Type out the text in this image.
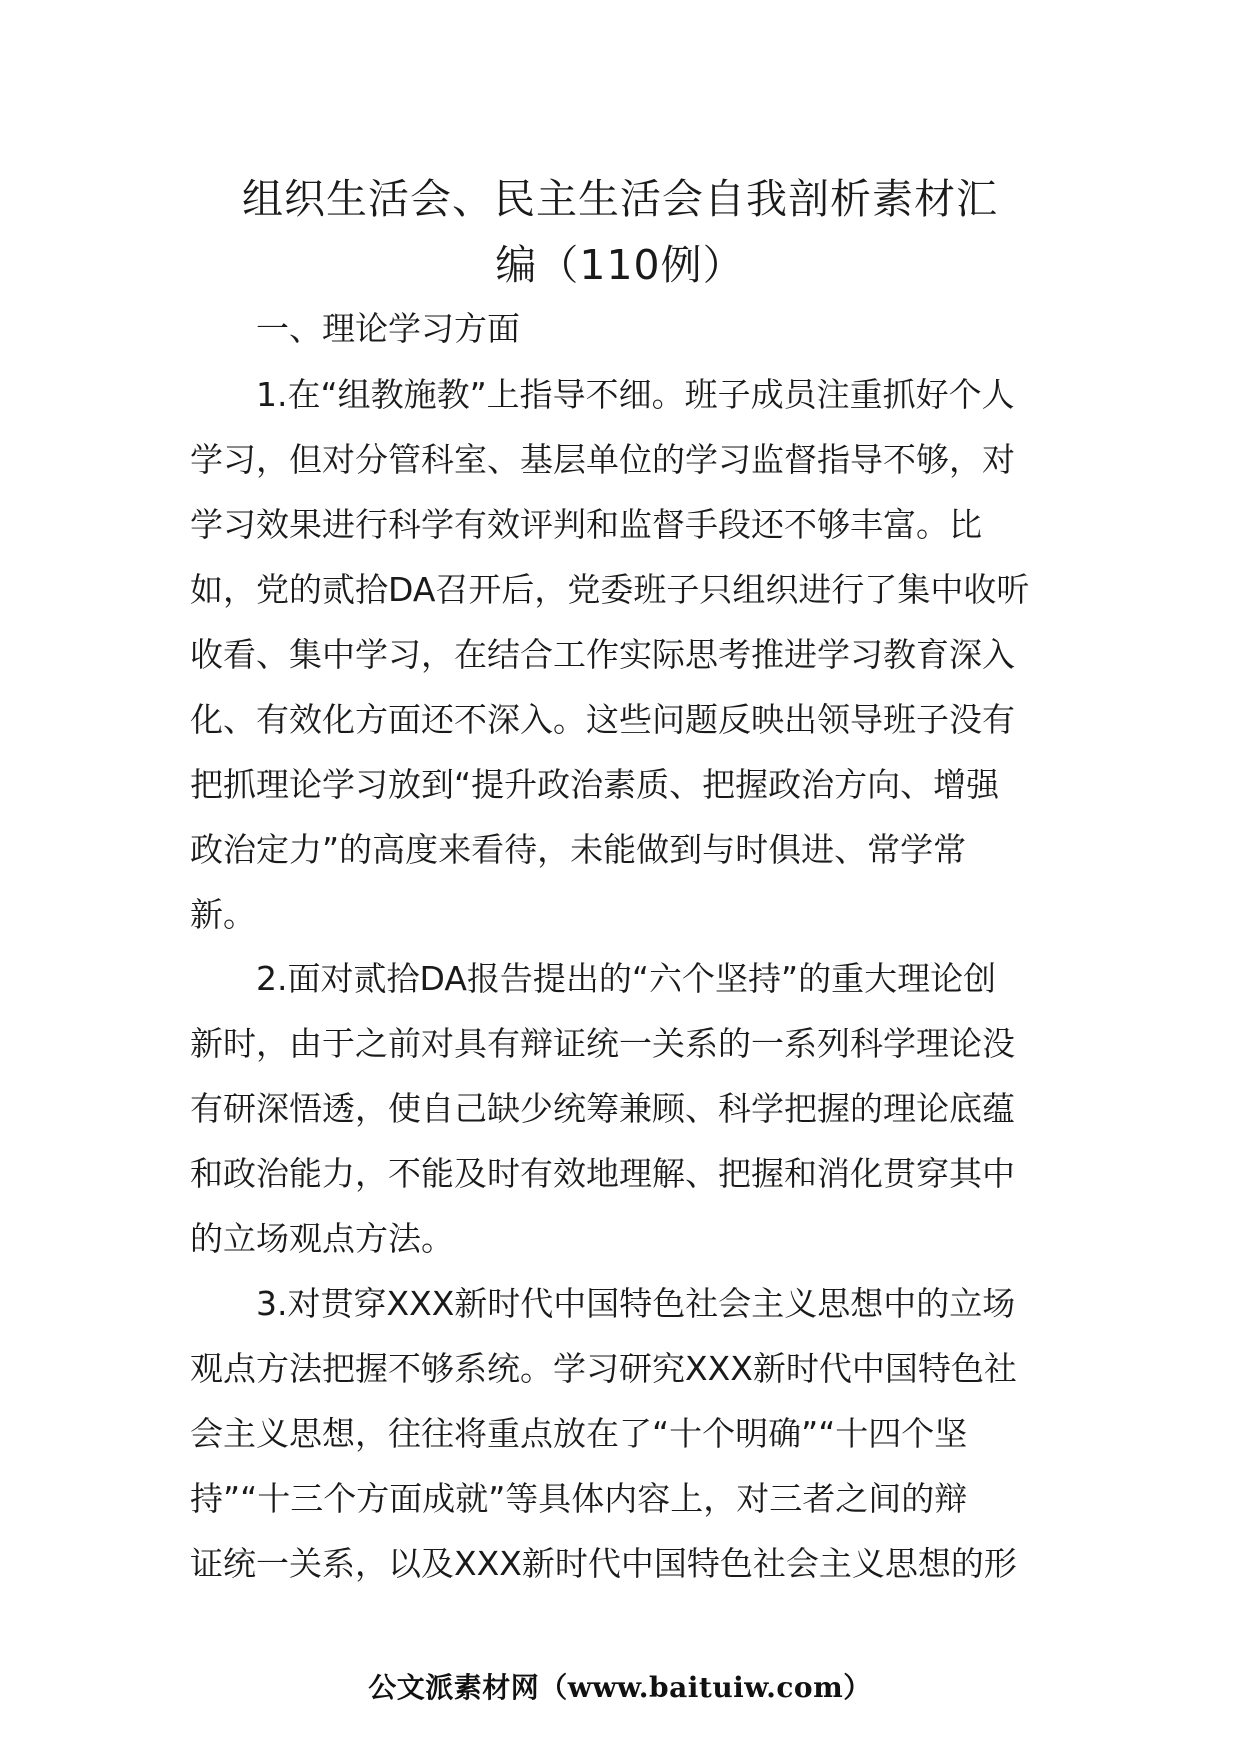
组织生活会、民主生活会自我剖析素材汇
编（110例）

一、理论学习方面

1.在“组教施教”上指导不细。班子成员注重抓好个人
学习，但对分管科室、基层单位的学习监督指导不够，对
学习效果进行科学有效评判和监督手段还不够丰富。比
如，党的贰拾DA召开后，党委班子只组织进行了集中收听
收看、集中学习，在结合工作实际思考推进学习教育深入
化、有效化方面还不深入。这些问题反映出领导班子没有
把抓理论学习放到“提升政治素质、把握政治方向、增强
政治定力”的高度来看待，未能做到与时俱进、常学常
新。

2.面对贰拾DA报告提出的“六个坚持”的重大理论创
新时，由于之前对具有辩证统一关系的一系列科学理论没
有研深悟透，使自己缺少统筹兼顾、科学把握的理论底蕴
和政治能力，不能及时有效地理解、把握和消化贯穿其中
的立场观点方法。

3.对贯穿XXX新时代中国特色社会主义思想中的立场
观点方法把握不够系统。学习研究XXX新时代中国特色社
会主义思想，往往将重点放在了“十个明确”“十四个坚
持”“十三个方面成就”等具体内容上，对三者之间的辩
证统一关系，以及XXX新时代中国特色社会主义思想的形

公文派素材网（www.baituiw.com）
